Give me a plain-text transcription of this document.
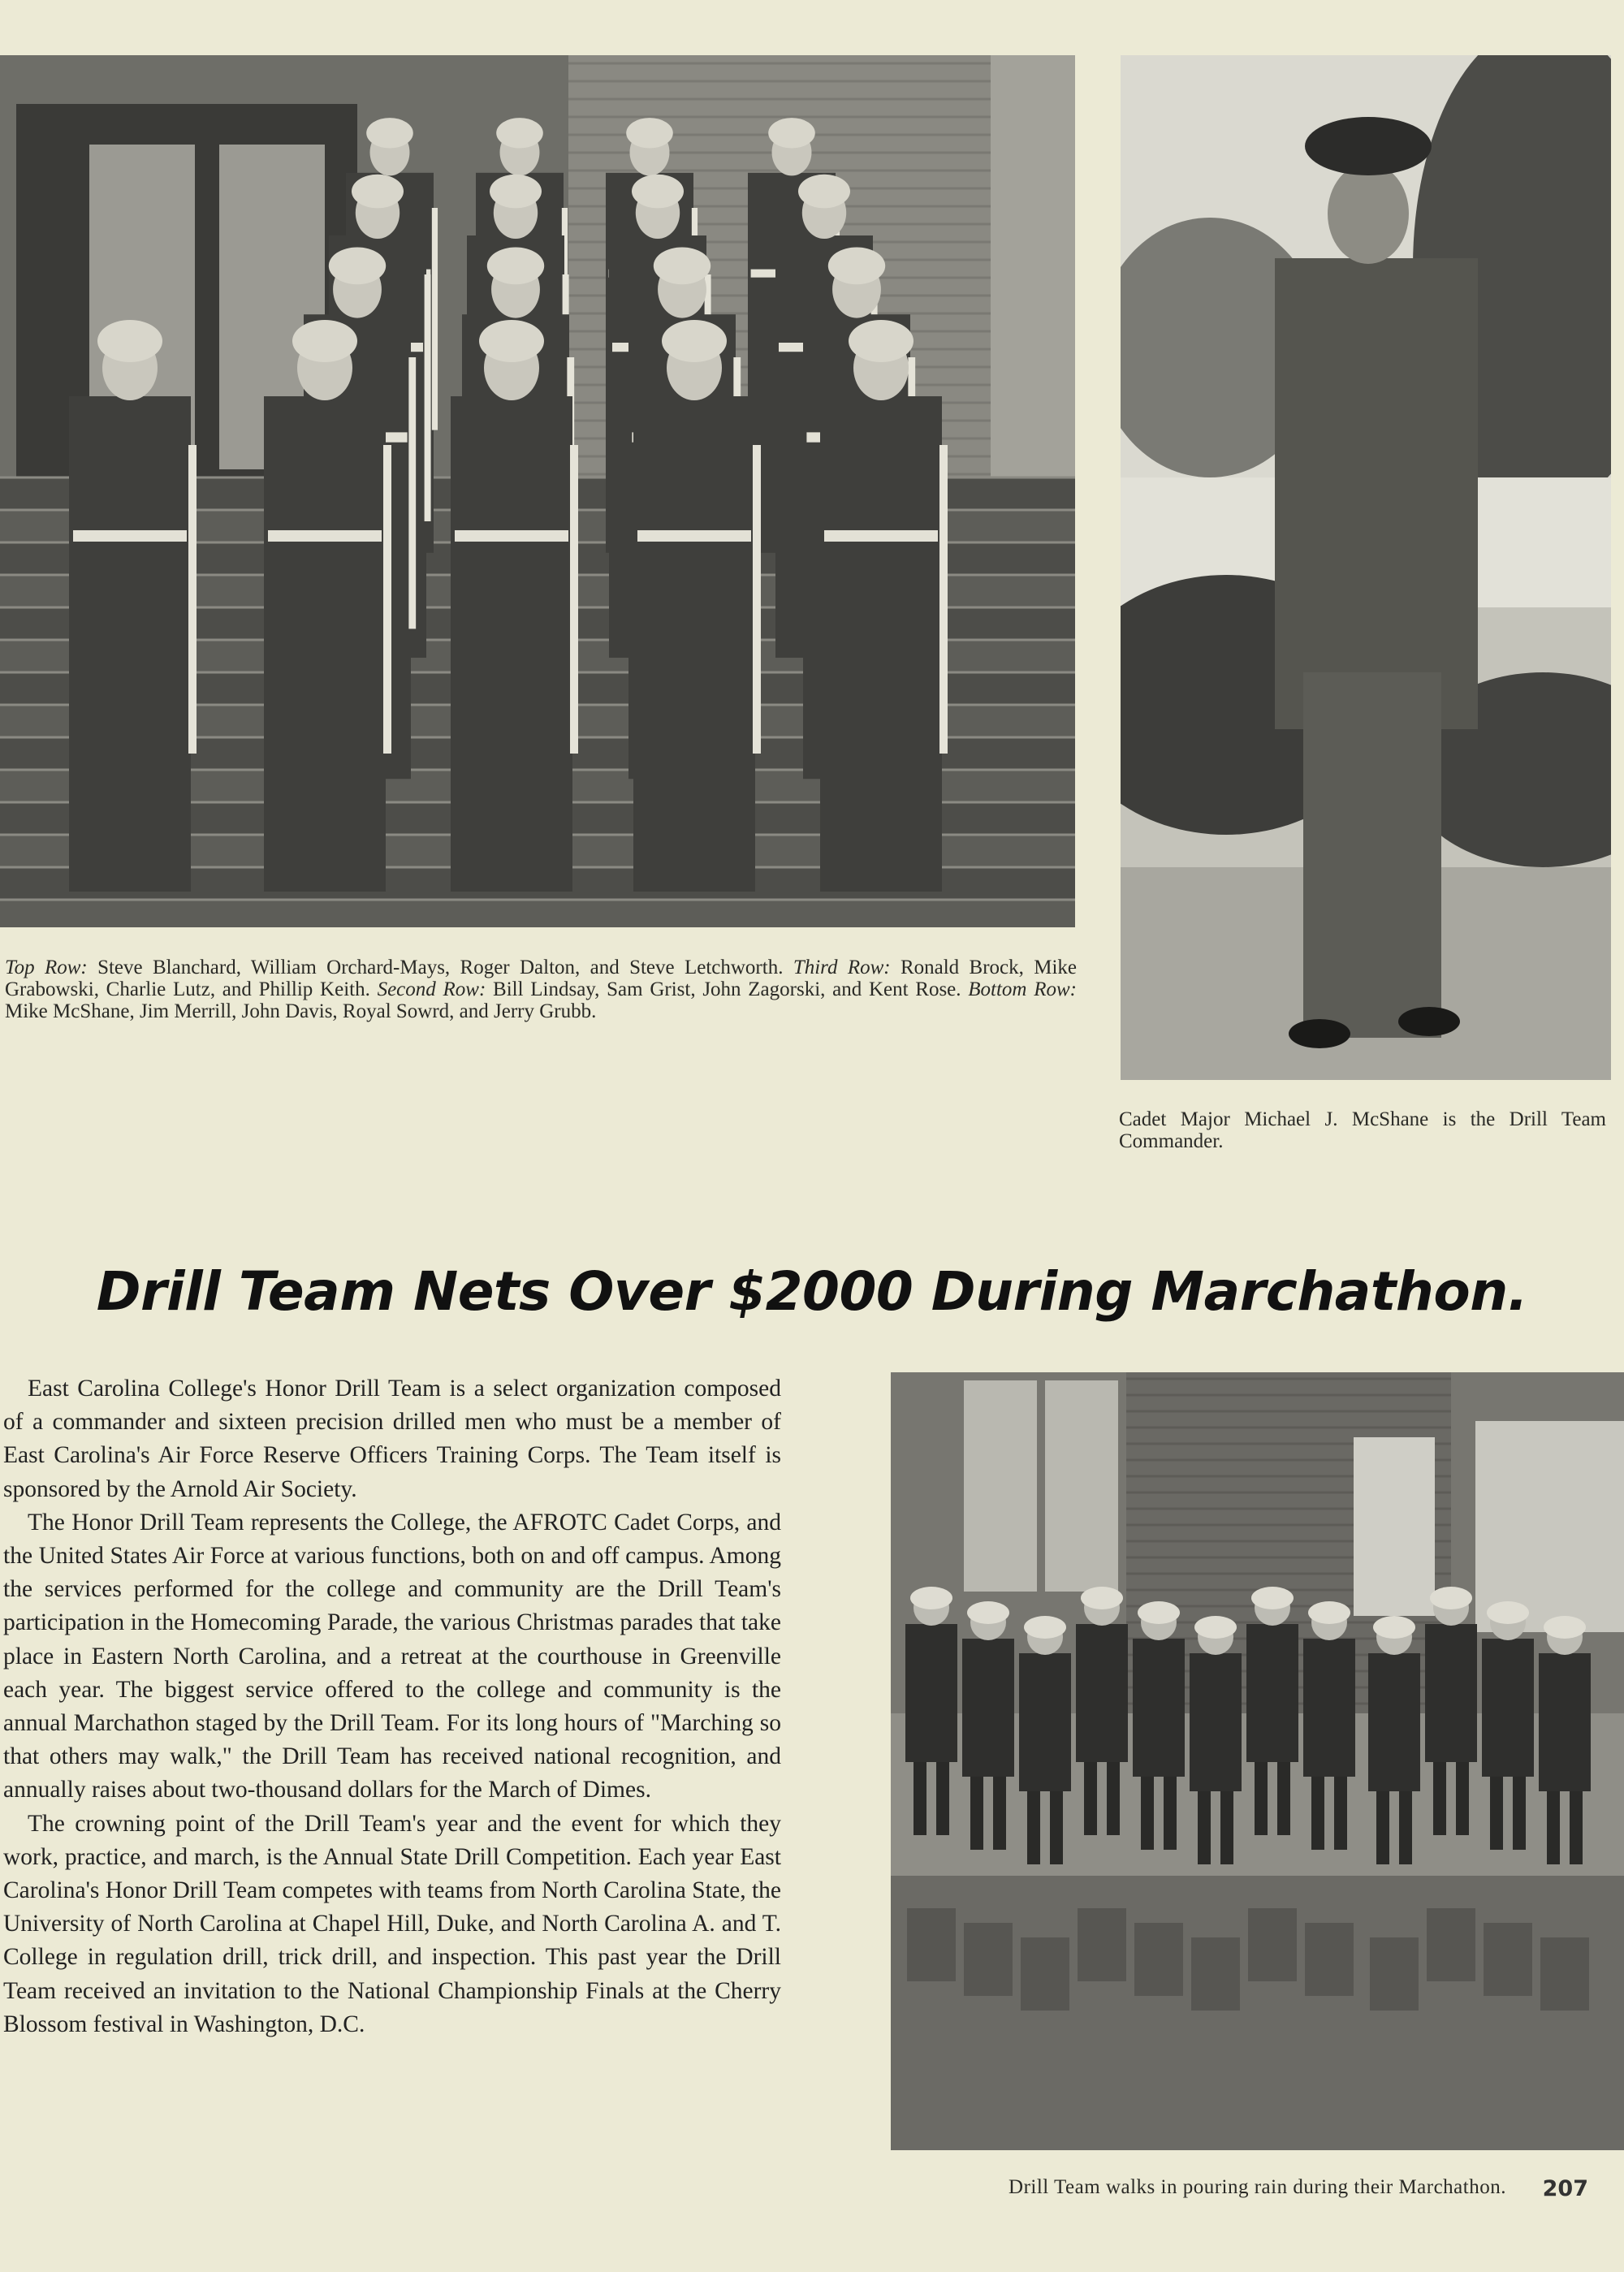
Top Row: Steve Blanchard, William Orchard-Mays, Roger Dalton, and Steve Letchworth. Third Row: Ronald Brock, Mike Grabowski, Charlie Lutz, and Phillip Keith. Second Row: Bill Lindsay, Sam Grist, John Zagorski, and Kent Rose. Bottom Row: Mike McShane, Jim Merrill, John Davis, Royal Sowrd, and Jerry Grubb.

Cadet Major Michael J. McShane is the Drill Team Commander.

Drill Team Nets Over $2000 During Marchathon.

East Carolina College's Honor Drill Team is a select organization composed of a commander and sixteen precision drilled men who must be a member of East Carolina's Air Force Reserve Officers Training Corps. The Team itself is sponsored by the Arnold Air Society.

The Honor Drill Team represents the College, the AFROTC Cadet Corps, and the United States Air Force at various functions, both on and off campus. Among the services performed for the college and community are the Drill Team's participation in the Homecoming Parade, the various Christmas parades that take place in Eastern North Carolina, and a retreat at the courthouse in Greenville each year. The biggest service offered to the college and community is the annual Marchathon staged by the Drill Team. For its long hours of "Marching so that others may walk," the Drill Team has received national recognition, and annually raises about two-thousand dollars for the March of Dimes.

The crowning point of the Drill Team's year and the event for which they work, practice, and march, is the Annual State Drill Competition. Each year East Carolina's Honor Drill Team competes with teams from North Carolina State, the University of North Carolina at Chapel Hill, Duke, and North Carolina A. and T. College in regulation drill, trick drill, and inspection. This past year the Drill Team received an invitation to the National Championship Finals at the Cherry Blossom festival in Washington, D.C.

Drill Team walks in pouring rain during their Marchathon.	207
